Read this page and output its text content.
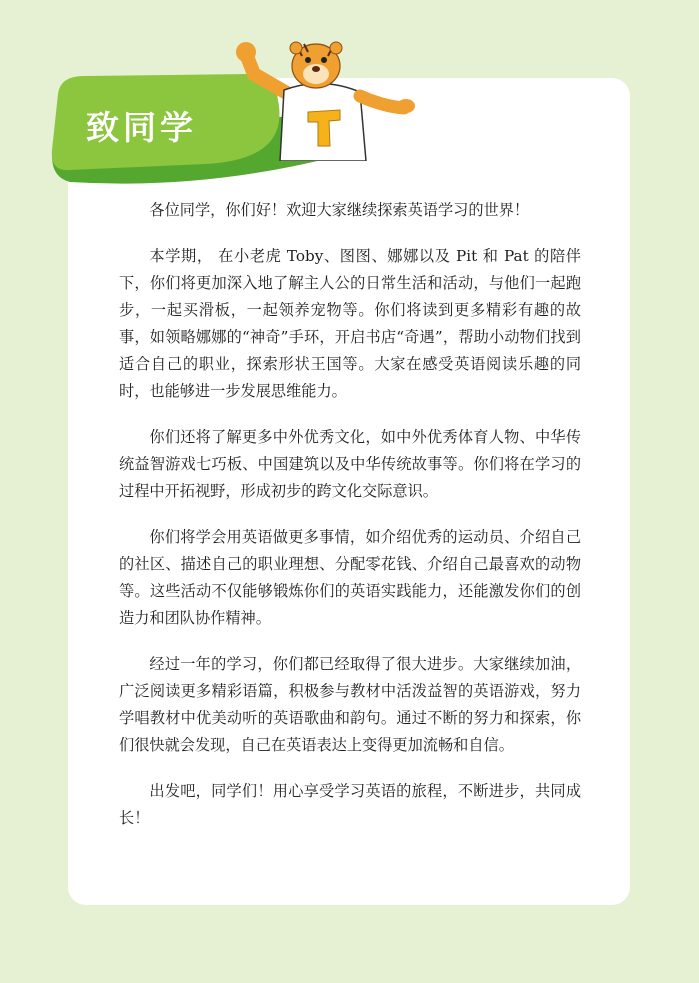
致同学

各位同学，你们好！欢迎大家继续探索英语学习的世界！

本学期， 在小老虎 Toby、图图、娜娜以及 Pit 和 Pat 的陪伴下，你们将更加深入地了解主人公的日常生活和活动，与他们一起跑步，一起买滑板，一起领养宠物等。你们将读到更多精彩有趣的故事，如领略娜娜的“神奇”手环，开启书店“奇遇”，帮助小动物们找到适合自己的职业，探索形状王国等。大家在感受英语阅读乐趣的同时，也能够进一步发展思维能力。

你们还将了解更多中外优秀文化，如中外优秀体育人物、中华传统益智游戏七巧板、中国建筑以及中华传统故事等。你们将在学习的过程中开拓视野，形成初步的跨文化交际意识。

你们将学会用英语做更多事情，如介绍优秀的运动员、介绍自己的社区、描述自己的职业理想、分配零花钱、介绍自己最喜欢的动物等。这些活动不仅能够锻炼你们的英语实践能力，还能激发你们的创造力和团队协作精神。

经过一年的学习，你们都已经取得了很大进步。大家继续加油，广泛阅读更多精彩语篇，积极参与教材中活泼益智的英语游戏，努力学唱教材中优美动听的英语歌曲和韵句。通过不断的努力和探索，你们很快就会发现，自己在英语表达上变得更加流畅和自信。

出发吧，同学们！用心享受学习英语的旅程，不断进步，共同成长！
